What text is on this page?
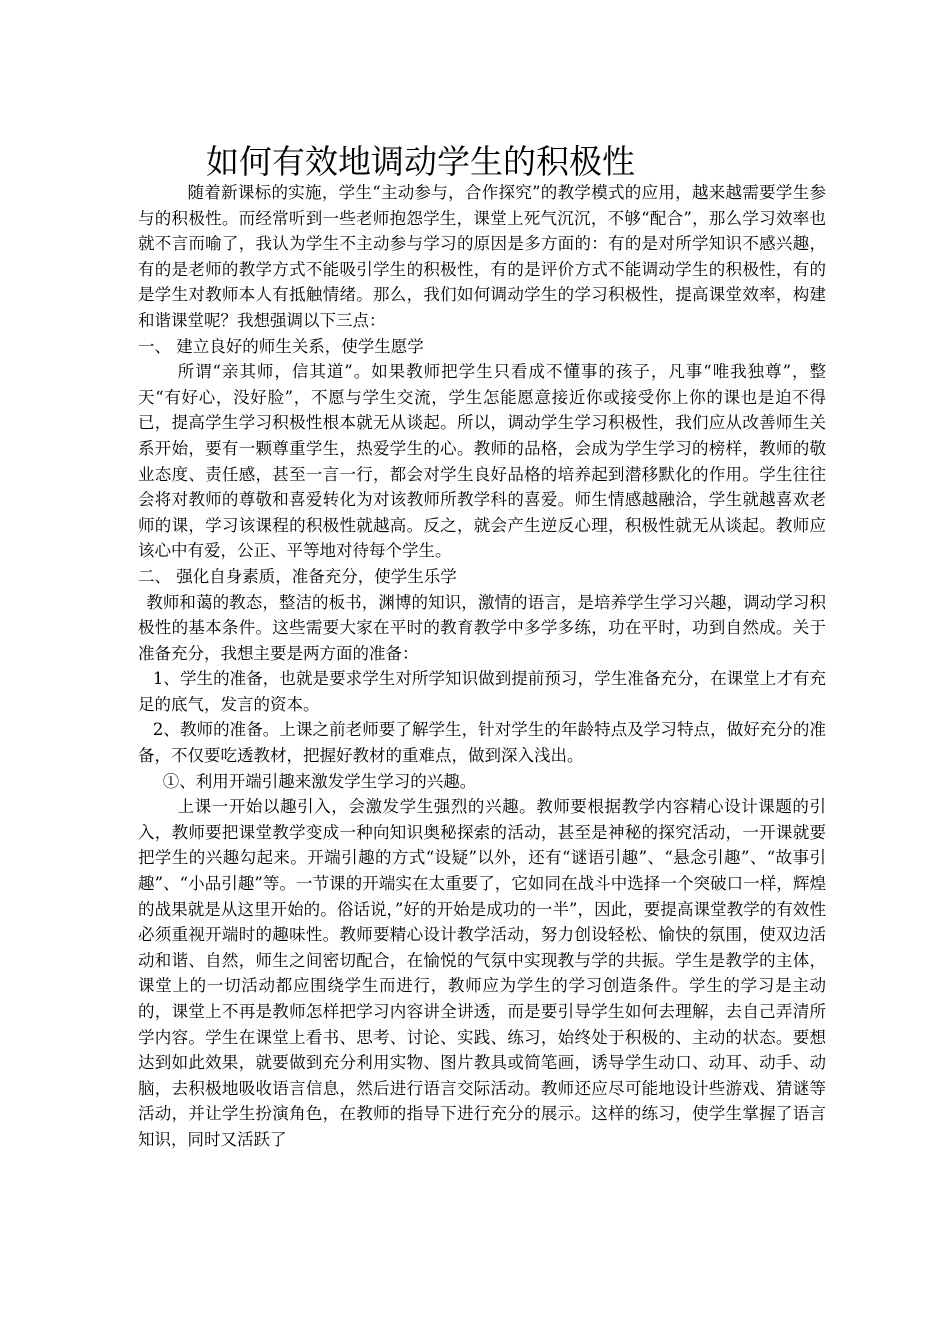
如何有效地调动学生的积极性

随着新课标的实施，学生“主动参与，合作探究”的教学模式的应用，越来越需要学生参与的积极性。而经常听到一些老师抱怨学生，课堂上死气沉沉，不够“配合”，那么学习效率也就不言而喻了，我认为学生不主动参与学习的原因是多方面的：有的是对所学知识不感兴趣，有的是老师的教学方式不能吸引学生的积极性，有的是评价方式不能调动学生的积极性，有的是学生对教师本人有抵触情绪。那么，我们如何调动学生的学习积极性，提高课堂效率，构建和谐课堂呢？我想强调以下三点：

一、 建立良好的师生关系，使学生愿学

所谓“亲其师，信其道”。如果教师把学生只看成不懂事的孩子，凡事“唯我独尊”，整天“有好心，没好脸”，不愿与学生交流，学生怎能愿意接近你或接受你上你的课也是迫不得已，提高学生学习积极性根本就无从谈起。所以，调动学生学习积极性，我们应从改善师生关系开始，要有一颗尊重学生，热爱学生的心。教师的品格，会成为学生学习的榜样，教师的敬业态度、责任感，甚至一言一行，都会对学生良好品格的培养起到潜移默化的作用。学生往往会将对教师的尊敬和喜爱转化为对该教师所教学科的喜爱。师生情感越融洽，学生就越喜欢老师的课，学习该课程的积极性就越高。反之，就会产生逆反心理，积极性就无从谈起。教师应该心中有爱，公正、平等地对待每个学生。

二、 强化自身素质，准备充分，使学生乐学

教师和蔼的教态，整洁的板书，渊博的知识，激情的语言，是培养学生学习兴趣，调动学习积极性的基本条件。这些需要大家在平时的教育教学中多学多练，功在平时，功到自然成。关于准备充分，我想主要是两方面的准备：

1、学生的准备，也就是要求学生对所学知识做到提前预习，学生准备充分，在课堂上才有充足的底气，发言的资本。

2、教师的准备。上课之前老师要了解学生，针对学生的年龄特点及学习特点，做好充分的准备，不仅要吃透教材，把握好教材的重难点，做到深入浅出。

①、利用开端引趣来激发学生学习的兴趣。

上课一开始以趣引入，会激发学生强烈的兴趣。教师要根据教学内容精心设计课题的引入，教师要把课堂教学变成一种向知识奥秘探索的活动，甚至是神秘的探究活动，一开课就要把学生的兴趣勾起来。开端引趣的方式“设疑”以外，还有“谜语引趣”、“悬念引趣”、“故事引趣”、“小品引趣”等。一节课的开端实在太重要了，它如同在战斗中选择一个突破口一样，辉煌的战果就是从这里开始的。俗话说，”好的开始是成功的一半”，因此，要提高课堂教学的有效性必须重视开端时的趣味性。教师要精心设计教学活动，努力创设轻松、愉快的氛围，使双边活动和谐、自然，师生之间密切配合，在愉悦的气氛中实现教与学的共振。学生是教学的主体，课堂上的一切活动都应围绕学生而进行，教师应为学生的学习创造条件。学生的学习是主动的，课堂上不再是教师怎样把学习内容讲全讲透，而是要引导学生如何去理解，去自己弄清所学内容。学生在课堂上看书、思考、讨论、实践、练习，始终处于积极的、主动的状态。要想达到如此效果，就要做到充分利用实物、图片教具或简笔画，诱导学生动口、动耳、动手、动脑，去积极地吸收语言信息，然后进行语言交际活动。教师还应尽可能地设计些游戏、猜谜等活动，并让学生扮演角色，在教师的指导下进行充分的展示。这样的练习，使学生掌握了语言知识，同时又活跃了
